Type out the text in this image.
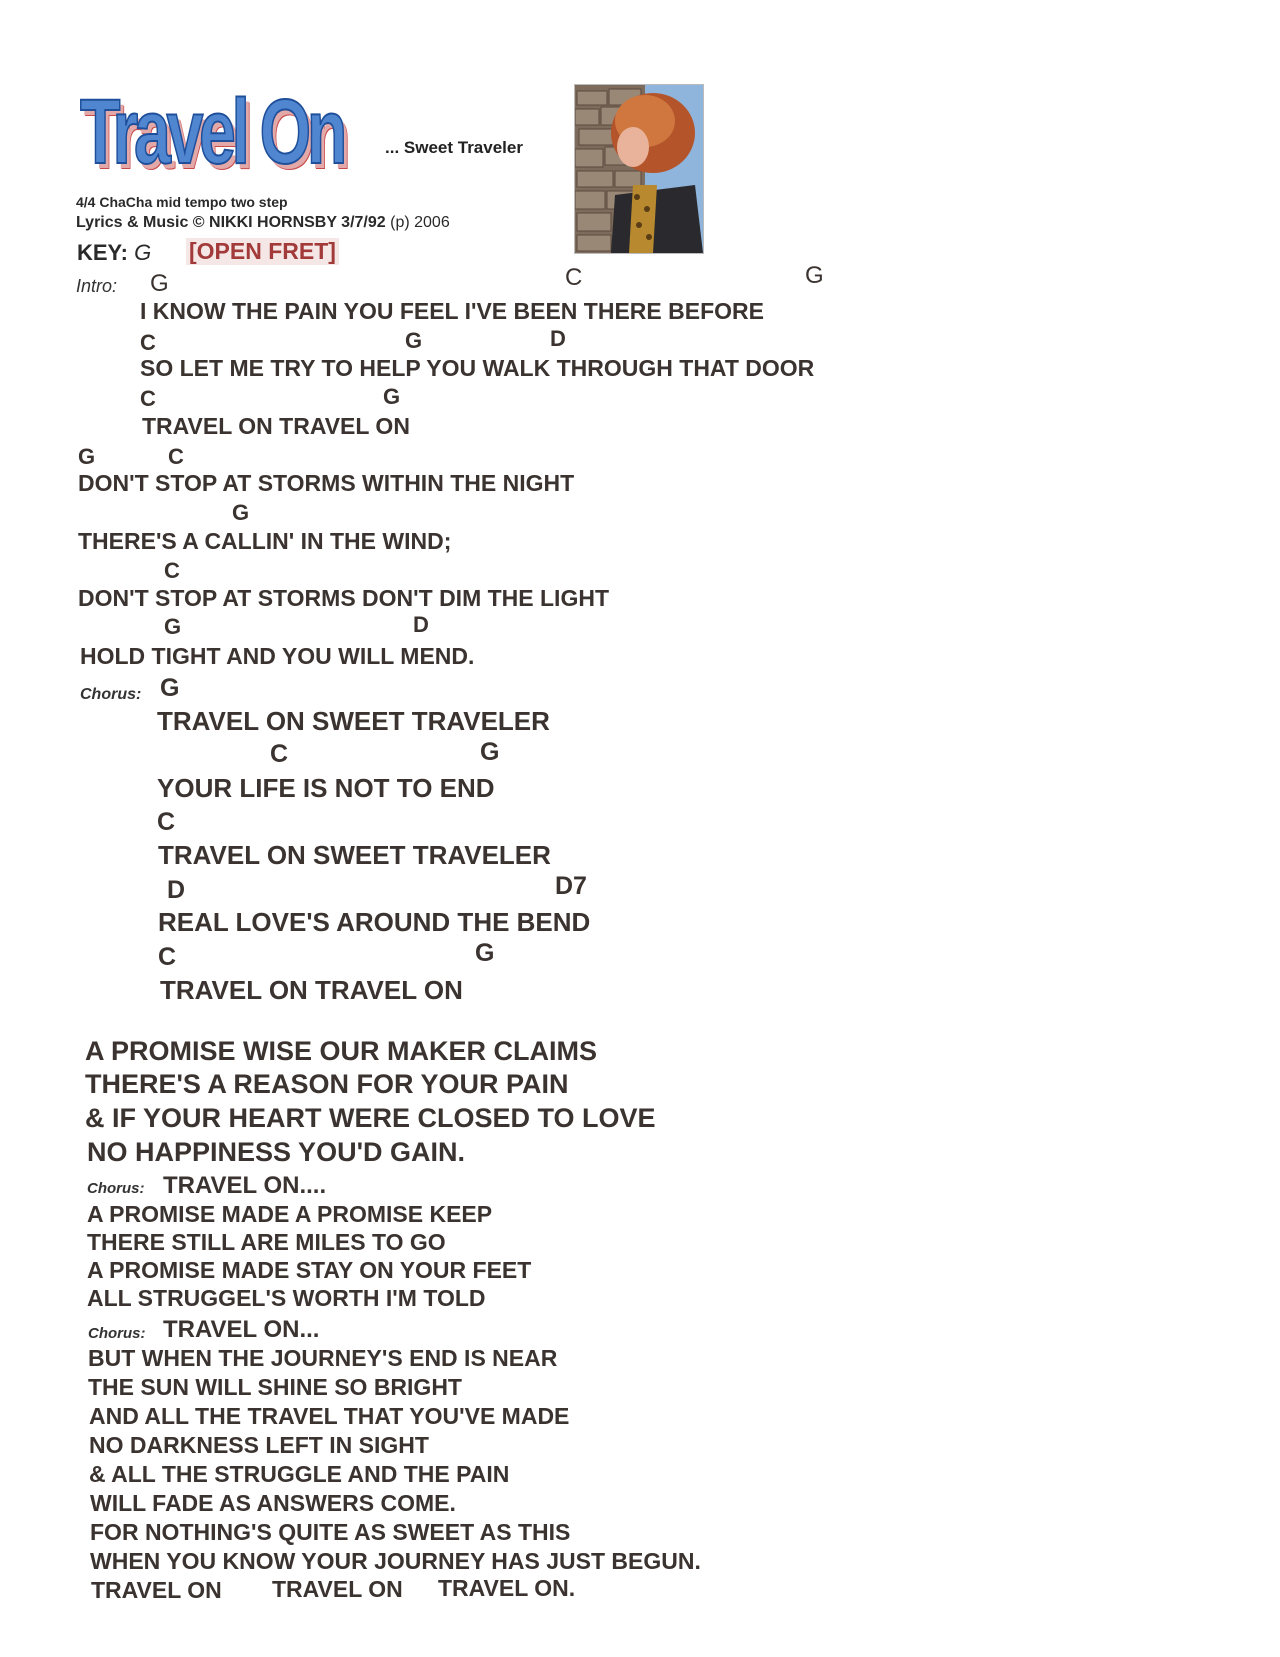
Travel On ... Sweet Traveler
4/4 ChaCha mid tempo two step
Lyrics & Music © NIKKI HORNSBY 3/7/92 (p) 2006
KEY: G [OPEN FRET]
Intro: G	C	G
I KNOW THE PAIN YOU FEEL I'VE BEEN THERE BEFORE
C	G	D
SO LET ME TRY TO HELP YOU WALK THROUGH THAT DOOR
C	G
TRAVEL ON TRAVEL ON
G	C
DON'T STOP AT STORMS WITHIN THE NIGHT
G
THERE'S A CALLIN' IN THE WIND;
C
DON'T STOP AT STORMS DON'T DIM THE LIGHT
G	D
HOLD TIGHT AND YOU WILL MEND.
Chorus: G
TRAVEL ON SWEET TRAVELER
C	G
YOUR LIFE IS NOT TO END
C
TRAVEL ON SWEET TRAVELER
D	D7
REAL LOVE'S AROUND THE BEND
C	G
TRAVEL ON TRAVEL ON
A PROMISE WISE OUR MAKER CLAIMS
THERE'S A REASON FOR YOUR PAIN
& IF YOUR HEART WERE CLOSED TO LOVE
NO HAPPINESS YOU'D GAIN.
Chorus: TRAVEL ON....
A PROMISE MADE A PROMISE KEEP
THERE STILL ARE MILES TO GO
A PROMISE MADE STAY ON YOUR FEET
ALL STRUGGEL'S WORTH I'M TOLD
Chorus: TRAVEL ON...
BUT WHEN THE JOURNEY'S END IS NEAR
THE SUN WILL SHINE SO BRIGHT
AND ALL THE TRAVEL THAT YOU'VE MADE
NO DARKNESS LEFT IN SIGHT
& ALL THE STRUGGLE AND THE PAIN
WILL FADE AS ANSWERS COME.
FOR NOTHING'S QUITE AS SWEET AS THIS
WHEN YOU KNOW YOUR JOURNEY HAS JUST BEGUN.
TRAVEL ON TRAVEL ON TRAVEL ON.
